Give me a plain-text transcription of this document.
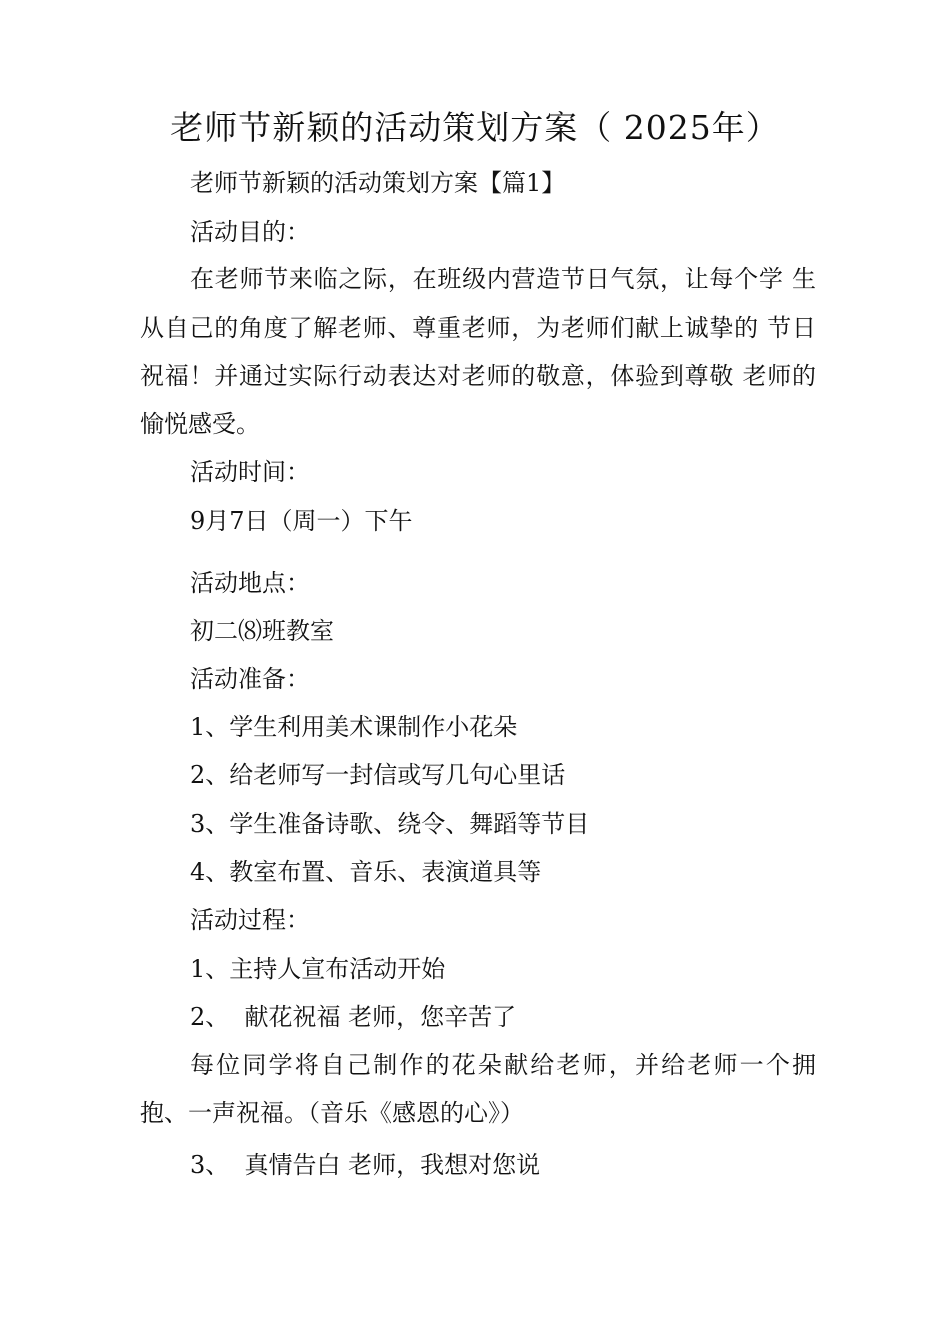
老师节新颖的活动策划方案（ 2025年）
老师节新颖的活动策划方案【篇1】
活动目的：
在老师节来临之际，在班级内营造节日气氛，让每个学 生
从自己的角度了解老师、尊重老师，为老师们献上诚挚的 节日
祝福！并通过实际行动表达对老师的敬意，体验到尊敬 老师的
愉悦感受。
活动时间：
9月7日（周一）下午
活动地点：
初二⑻班教室
活动准备：
1、学生利用美术课制作小花朵
2、给老师写一封信或写几句心里话
3、学生准备诗歌、绕令、舞蹈等节目
4、教室布置、音乐、表演道具等
活动过程：
1、主持人宣布活动开始
2、  献花祝福 老师，您辛苦了
每位同学将自己制作的花朵献给老师，并给老师一个拥
抱、一声祝福。（音乐《感恩的心》）
3、  真情告白 老师，我想对您说
